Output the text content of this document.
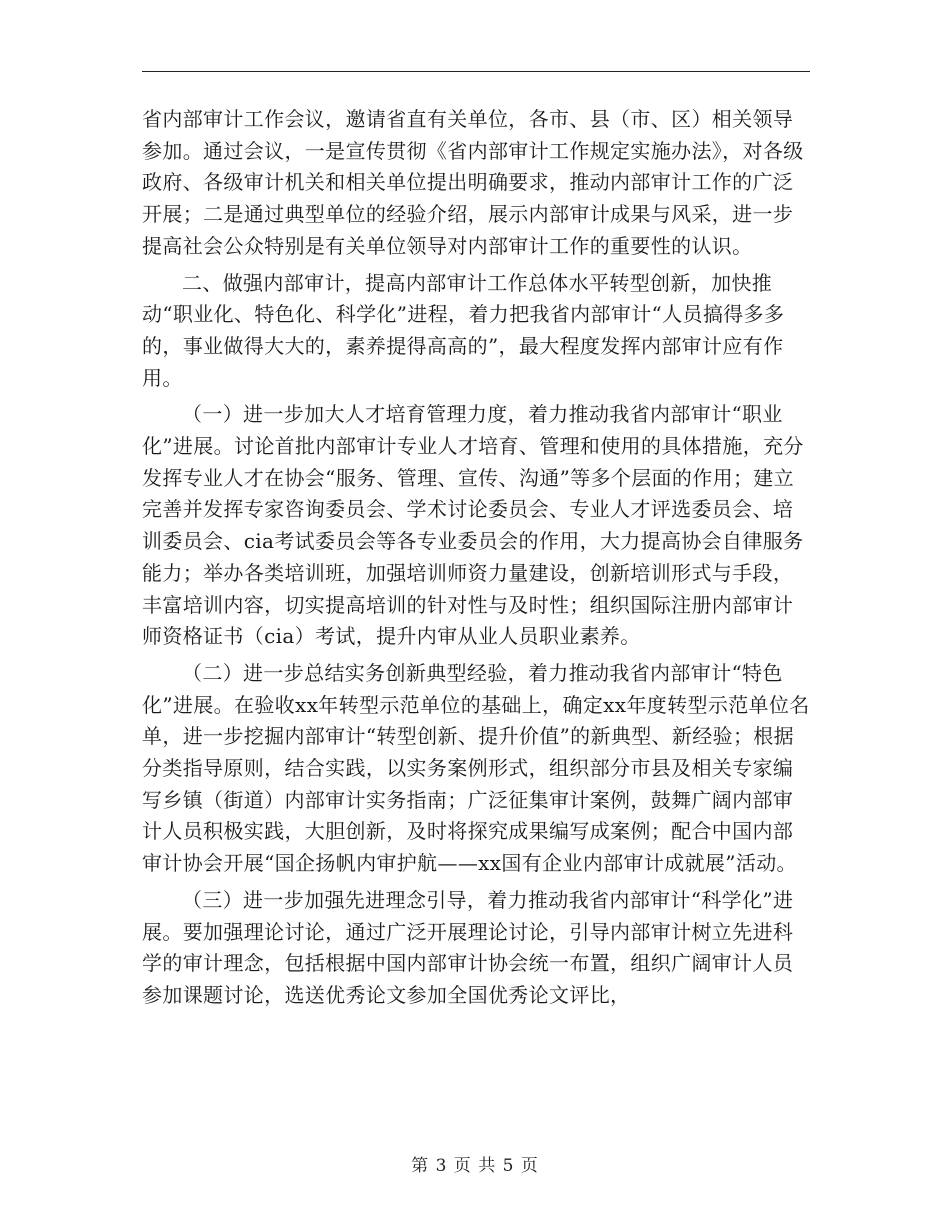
省内部审计工作会议，邀请省直有关单位，各市、县（市、区）相关领导参加。通过会议，一是宣传贯彻《省内部审计工作规定实施办法》，对各级政府、各级审计机关和相关单位提出明确要求，推动内部审计工作的广泛开展；二是通过典型单位的经验介绍，展示内部审计成果与风采，进一步提高社会公众特别是有关单位领导对内部审计工作的重要性的认识。

二、做强内部审计，提高内部审计工作总体水平转型创新，加快推动“职业化、特色化、科学化”进程，着力把我省内部审计“人员搞得多多的，事业做得大大的，素养提得高高的”，最大程度发挥内部审计应有作用。

（一）进一步加大人才培育管理力度，着力推动我省内部审计“职业化”进展。讨论首批内部审计专业人才培育、管理和使用的具体措施，充分发挥专业人才在协会“服务、管理、宣传、沟通”等多个层面的作用；建立完善并发挥专家咨询委员会、学术讨论委员会、专业人才评选委员会、培训委员会、cia考试委员会等各专业委员会的作用，大力提高协会自律服务能力；举办各类培训班，加强培训师资力量建设，创新培训形式与手段，丰富培训内容，切实提高培训的针对性与及时性；组织国际注册内部审计师资格证书（cia）考试，提升内审从业人员职业素养。

（二）进一步总结实务创新典型经验，着力推动我省内部审计“特色化”进展。在验收xx年转型示范单位的基础上，确定xx年度转型示范单位名单，进一步挖掘内部审计“转型创新、提升价值”的新典型、新经验；根据分类指导原则，结合实践，以实务案例形式，组织部分市县及相关专家编写乡镇（街道）内部审计实务指南；广泛征集审计案例，鼓舞广阔内部审计人员积极实践，大胆创新，及时将探究成果编写成案例；配合中国内部审计协会开展“国企扬帆内审护航——xx国有企业内部审计成就展”活动。

（三）进一步加强先进理念引导，着力推动我省内部审计“科学化”进展。要加强理论讨论，通过广泛开展理论讨论，引导内部审计树立先进科学的审计理念，包括根据中国内部审计协会统一布置，组织广阔审计人员参加课题讨论，选送优秀论文参加全国优秀论文评比，

第 3 页 共 5 页
